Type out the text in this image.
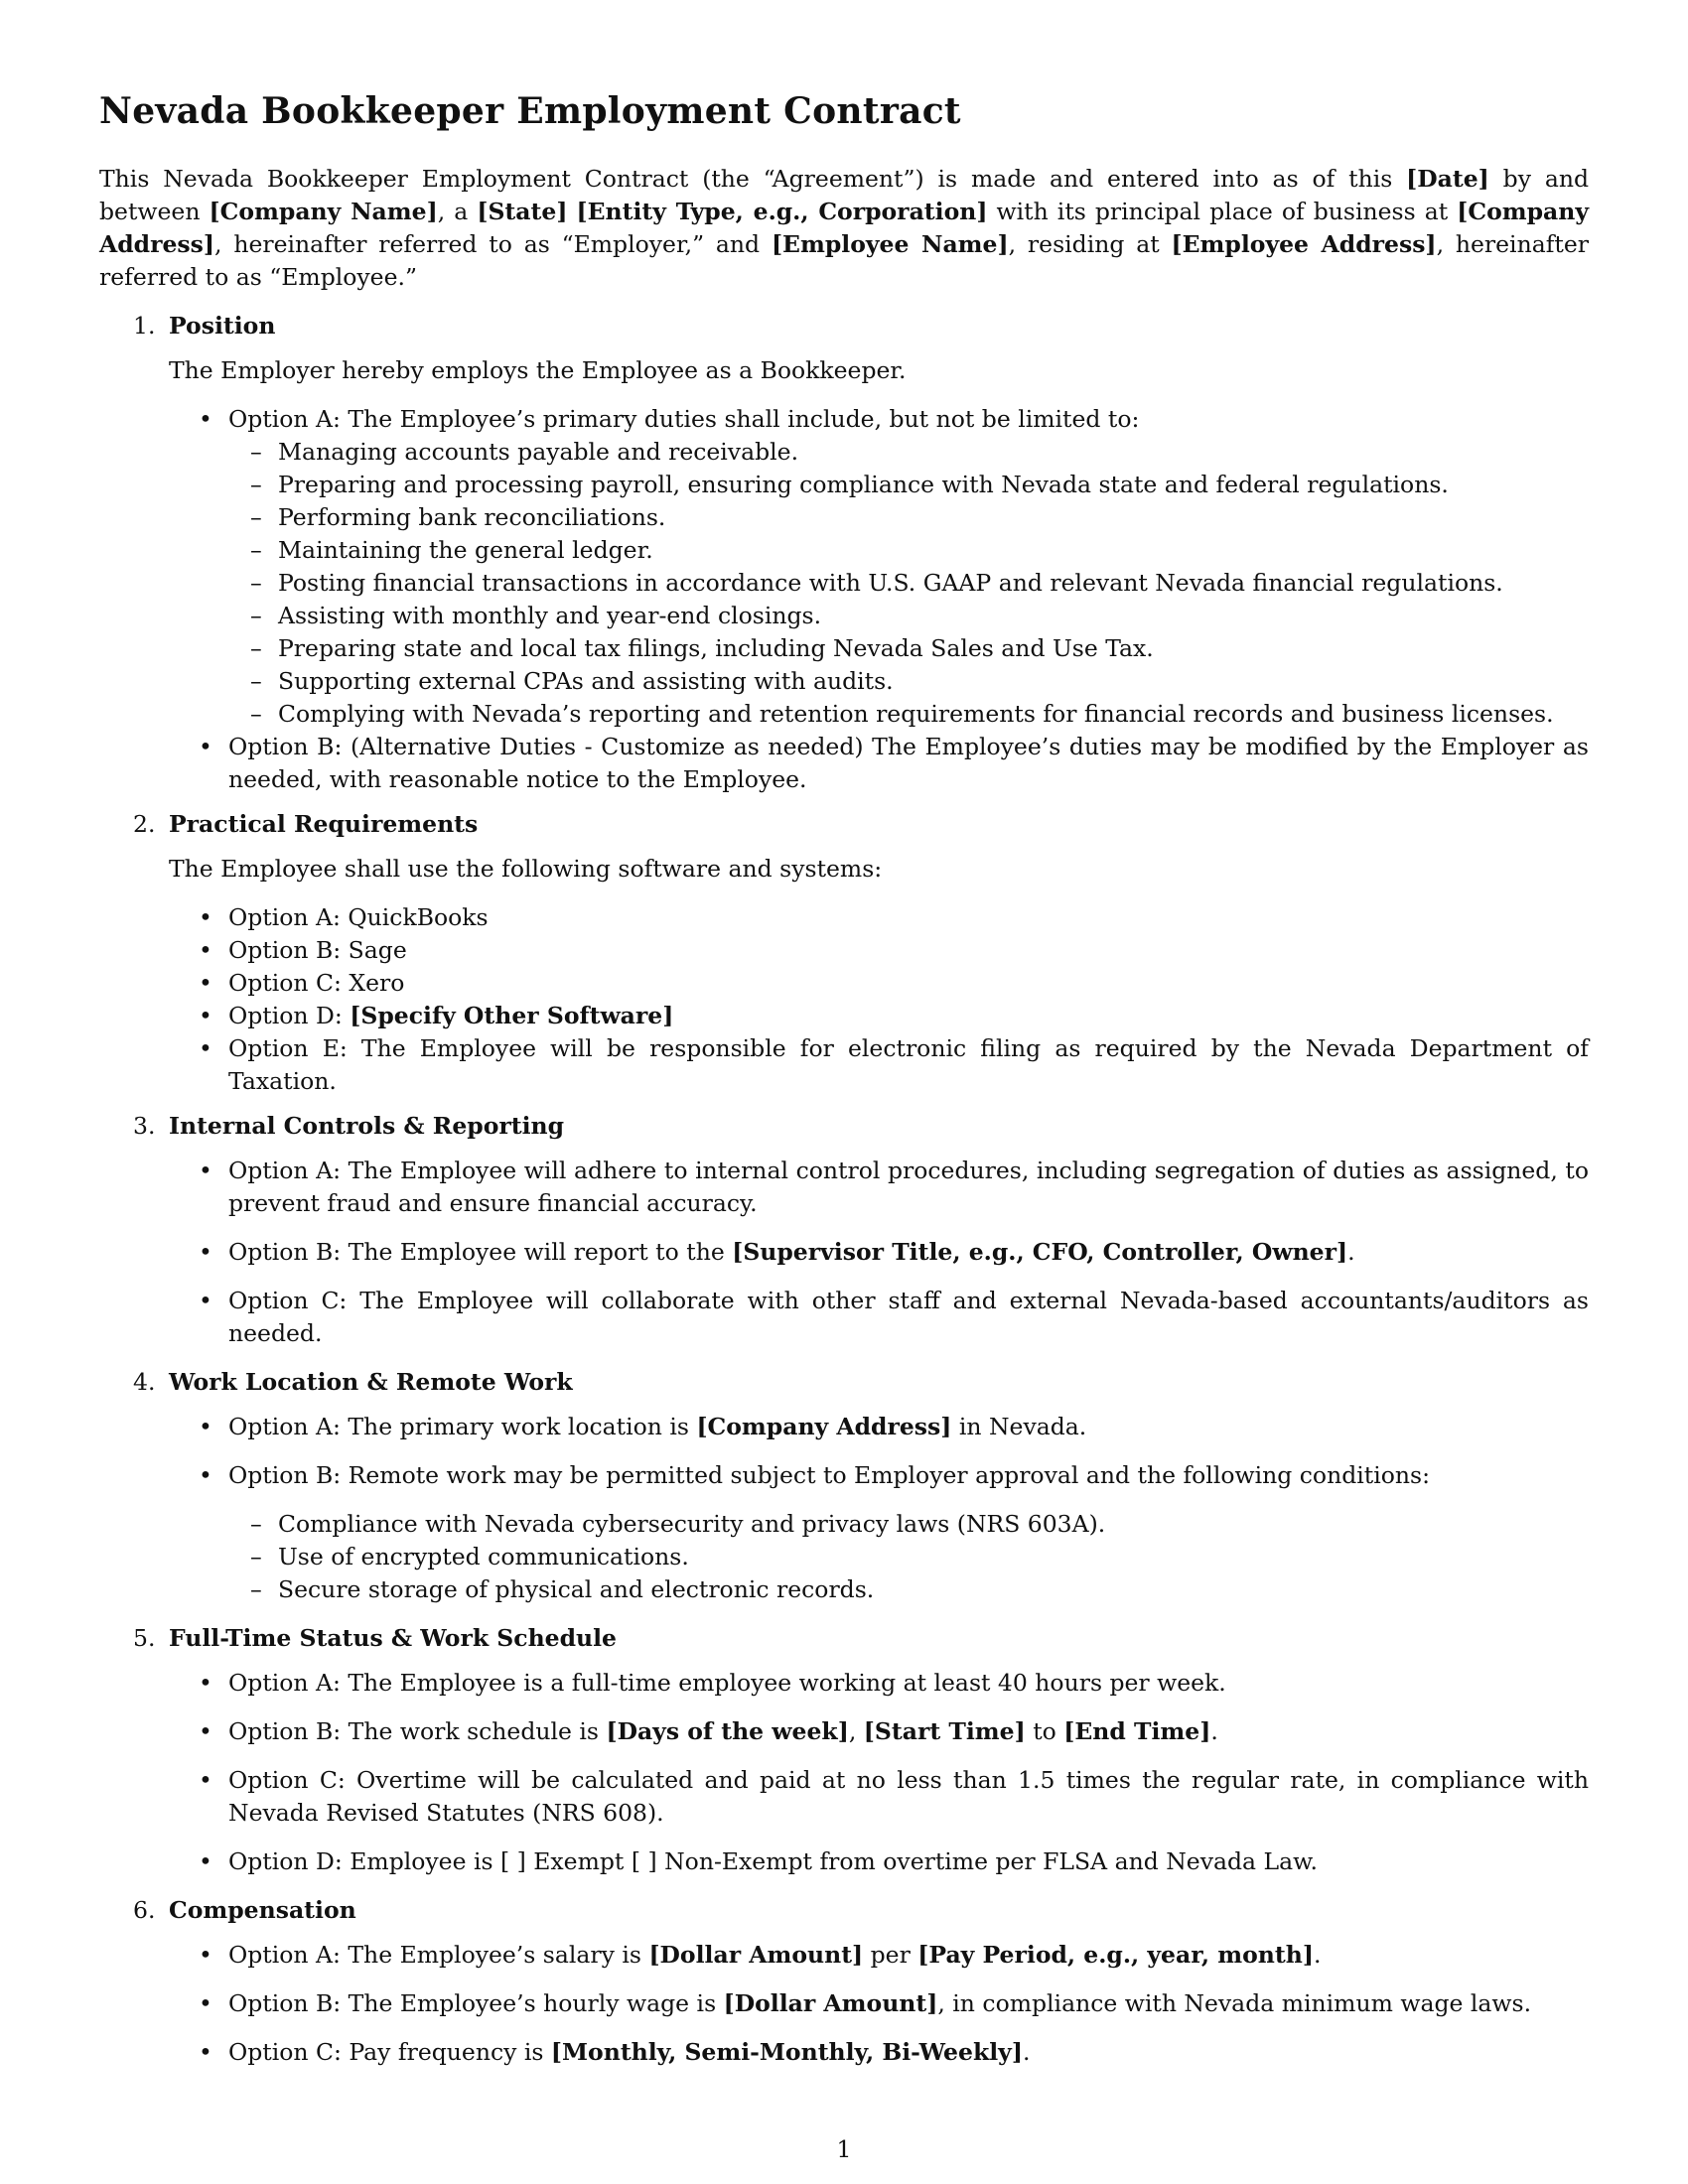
Nevada Bookkeeper Employment Contract

This Nevada Bookkeeper Employment Contract (the “Agreement”) is made and entered into as of this [Date] by and between [Company Name], a [State] [Entity Type, e.g., Corporation] with its principal place of business at [Company Address], hereinafter referred to as “Employer,” and [Employee Name], residing at [Employee Address], hereinafter referred to as “Employee.”

1. Position
The Employer hereby employs the Employee as a Bookkeeper.
• Option A: The Employee’s primary duties shall include, but not be limited to:
– Managing accounts payable and receivable.
– Preparing and processing payroll, ensuring compliance with Nevada state and federal regulations.
– Performing bank reconciliations.
– Maintaining the general ledger.
– Posting financial transactions in accordance with U.S. GAAP and relevant Nevada financial regulations.
– Assisting with monthly and year-end closings.
– Preparing state and local tax filings, including Nevada Sales and Use Tax.
– Supporting external CPAs and assisting with audits.
– Complying with Nevada’s reporting and retention requirements for financial records and business licenses.
• Option B: (Alternative Duties - Customize as needed) The Employee’s duties may be modified by the Employer as needed, with reasonable notice to the Employee.
2. Practical Requirements
The Employee shall use the following software and systems:
• Option A: QuickBooks
• Option B: Sage
• Option C: Xero
• Option D: [Specify Other Software]
• Option E: The Employee will be responsible for electronic filing as required by the Nevada Department of Taxation.
3. Internal Controls & Reporting
• Option A: The Employee will adhere to internal control procedures, including segregation of duties as assigned, to prevent fraud and ensure financial accuracy.
• Option B: The Employee will report to the [Supervisor Title, e.g., CFO, Controller, Owner].
• Option C: The Employee will collaborate with other staff and external Nevada-based accountants/auditors as needed.
4. Work Location & Remote Work
• Option A: The primary work location is [Company Address] in Nevada.
• Option B: Remote work may be permitted subject to Employer approval and the following conditions:
– Compliance with Nevada cybersecurity and privacy laws (NRS 603A).
– Use of encrypted communications.
– Secure storage of physical and electronic records.
5. Full-Time Status & Work Schedule
• Option A: The Employee is a full-time employee working at least 40 hours per week.
• Option B: The work schedule is [Days of the week], [Start Time] to [End Time].
• Option C: Overtime will be calculated and paid at no less than 1.5 times the regular rate, in compliance with Nevada Revised Statutes (NRS 608).
• Option D: Employee is [ ] Exempt [ ] Non-Exempt from overtime per FLSA and Nevada Law.
6. Compensation
• Option A: The Employee’s salary is [Dollar Amount] per [Pay Period, e.g., year, month].
• Option B: The Employee’s hourly wage is [Dollar Amount], in compliance with Nevada minimum wage laws.
• Option C: Pay frequency is [Monthly, Semi-Monthly, Bi-Weekly].
1
